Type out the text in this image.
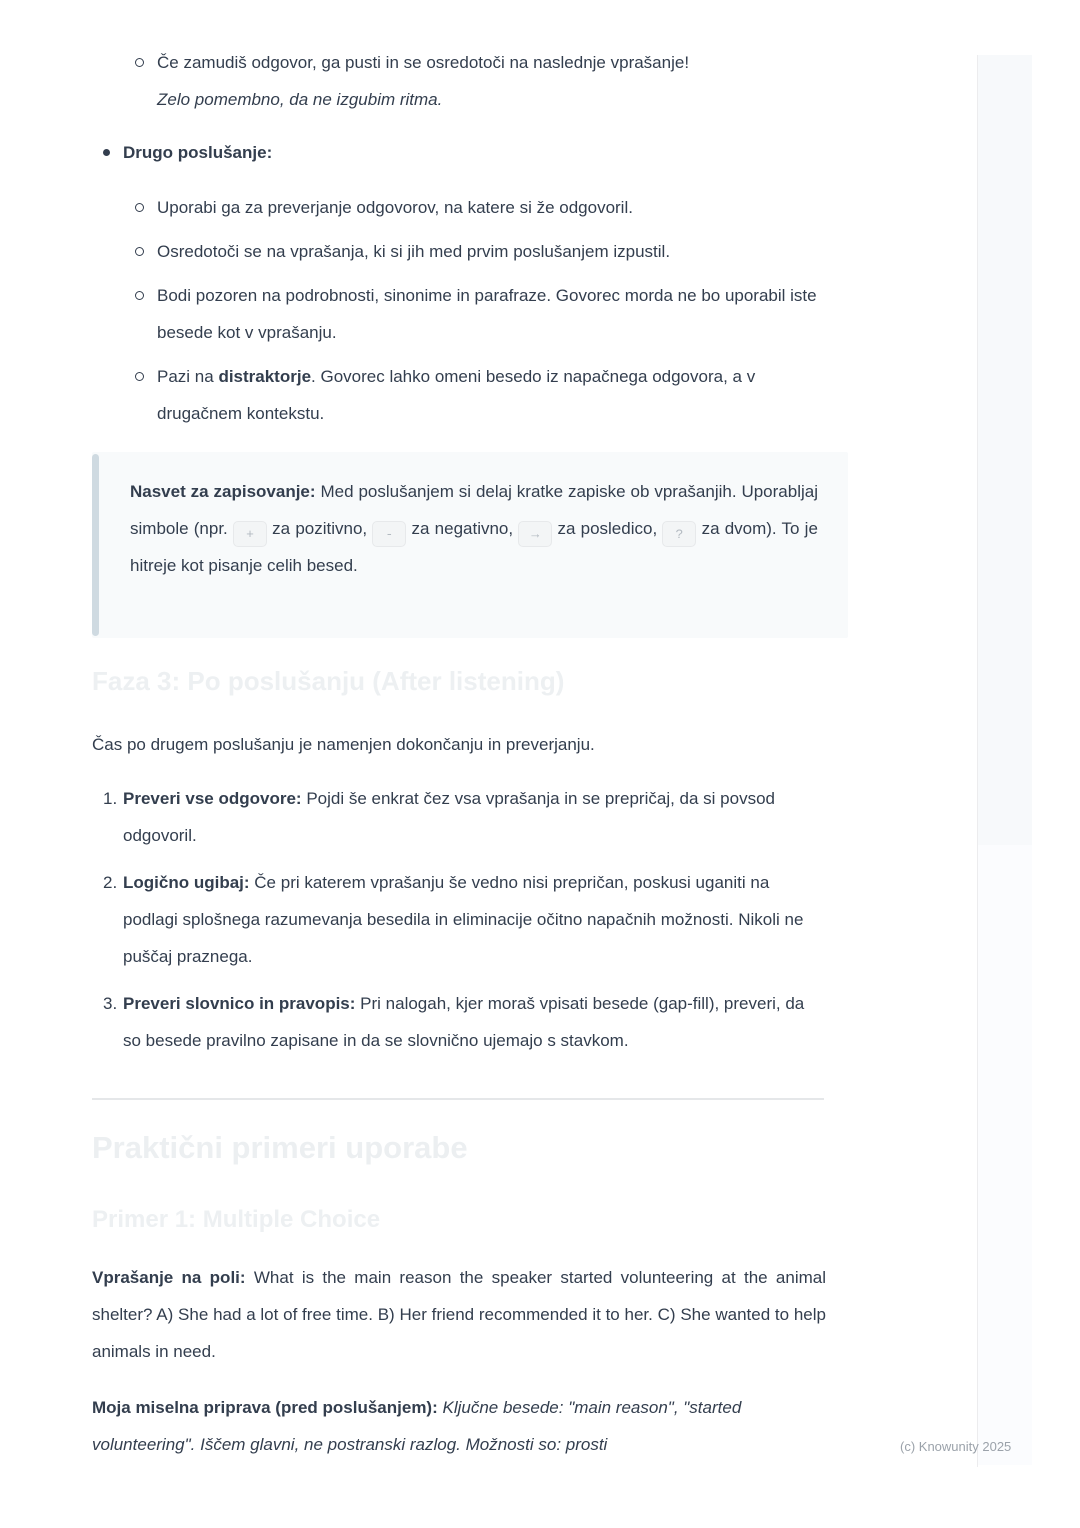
Če zamudiš odgovor, ga pusti in se osredotoči na naslednje vprašanje!
Zelo pomembno, da ne izgubim ritma.
Drugo poslušanje:
Uporabi ga za preverjanje odgovorov, na katere si že odgovoril.
Osredotoči se na vprašanja, ki si jih med prvim poslušanjem izpustil.
Bodi pozoren na podrobnosti, sinonime in parafraze. Govorec morda ne bo uporabil iste besede kot v vprašanju.
Pazi na distraktorje. Govorec lahko omeni besedo iz napačnega odgovora, a v drugačnem kontekstu.
Nasvet za zapisovanje: Med poslušanjem si delaj kratke zapiske ob vprašanjih. Uporabljaj simbole (npr. + za pozitivno, - za negativno, → za posledico, ? za dvom). To je hitreje kot pisanje celih besed.
Faza 3: Po poslušanju (After listening)
Čas po drugem poslušanju je namenjen dokončanju in preverjanju.
1. Preveri vse odgovore: Pojdi še enkrat čez vsa vprašanja in se prepričaj, da si povsod odgovoril.
2. Logično ugibaj: Če pri katerem vprašanju še vedno nisi prepričan, poskusi uganiti na podlagi splošnega razumevanja besedila in eliminacije očitno napačnih možnosti. Nikoli ne puščaj praznega.
3. Preveri slovnico in pravopis: Pri nalogah, kjer moraš vpisati besede (gap-fill), preveri, da so besede pravilno zapisane in da se slovnično ujemajo s stavkom.
Praktični primeri uporabe
Primer 1: Multiple Choice
Vprašanje na poli: What is the main reason the speaker started volunteering at the animal shelter? A) She had a lot of free time. B) Her friend recommended it to her. C) She wanted to help animals in need.
Moja miselna priprava (pred poslušanjem): Ključne besede: "main reason", "started volunteering". Iščem glavni, ne postranski razlog. Možnosti so: prosti	(c) Knowunity 2025
